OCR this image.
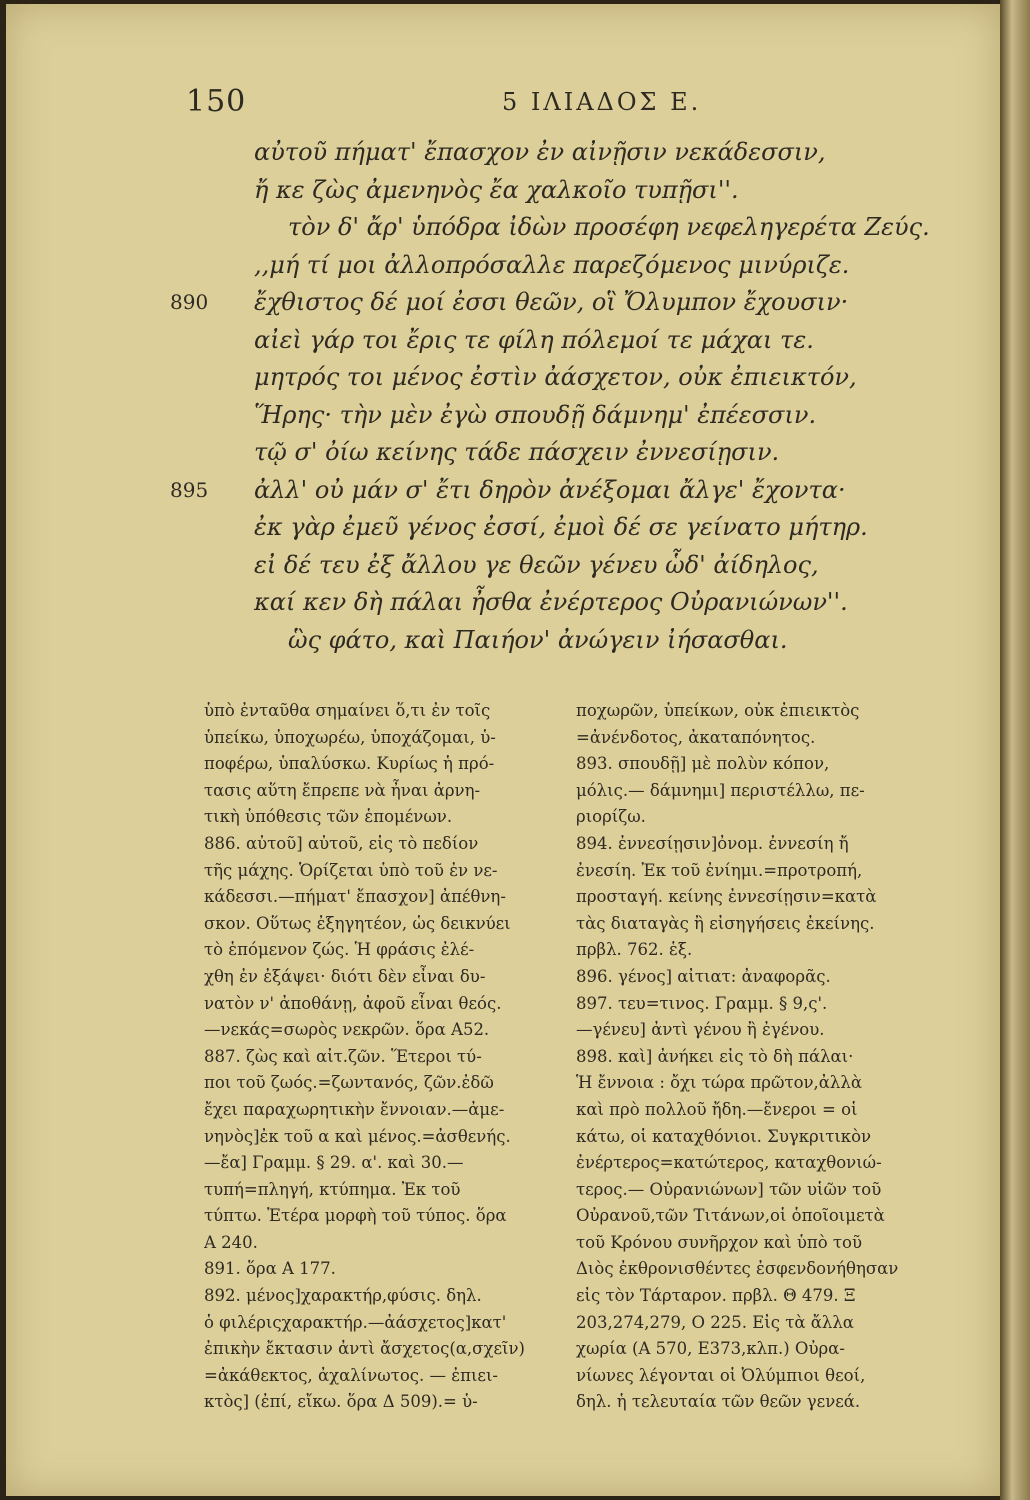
150	5 ΙΛΙΑΔΟΣ Ε.
αὐτοῦ πήματ' ἔπασχον ἐν αἰνῇσιν νεκάδεσσιν,
ἤ κε ζὼς ἀμενηνὸς ἔα χαλκοῖο τυπῇσι''.
τὸν δ' ἄρ' ὑπόδρα ἰδὼν προσέφη νεφεληγερέτα Ζεύς.
,,μή τί μοι ἀλλοπρόσαλλε παρεζόμενος μινύριζε.
890 ἔχθιστος δέ μοί ἐσσι θεῶν, οἳ Ὄλυμπον ἔχουσιν·
αἰεὶ γάρ τοι ἔρις τε φίλη πόλεμοί τε μάχαι τε.
μητρός τοι μένος ἐστὶν ἀάσχετον, οὐκ ἐπιεικτόν,
Ἥρης· τὴν μὲν ἐγὼ σπουδῇ δάμνημ' ἐπέεσσιν.
τῷ σ' ὀίω κείνης τάδε πάσχειν ἐννεσίῃσιν.
895 ἀλλ' οὐ μάν σ' ἔτι δηρὸν ἀνέξομαι ἄλγε' ἔχοντα·
ἐκ γὰρ ἐμεῦ γένος ἐσσί, ἐμοὶ δέ σε γείνατο μήτηρ.
εἰ δέ τευ ἐξ ἄλλου γε θεῶν γένευ ὧδ' ἀίδηλος,
καί κεν δὴ πάλαι ἦσθα ἐνέρτερος Οὐρανιώνων''.
ὣς φάτο, καὶ Παιήον' ἀνώγειν ἰήσασθαι.
ὑπὸ ἐνταῦθα σημαίνει ὅ,τι ἐν τοῖς
ὑπείκω, ὑποχωρέω, ὑποχάζομαι, ὑ-
ποφέρω, ὑπαλύσκω. Κυρίως ἡ πρό-
τασις αὕτη ἔπρεπε νὰ ἦναι ἀρνη-
τικὴ ὑπόθεσις τῶν ἑπομένων.
886. αὐτοῦ] αὐτοῦ, εἰς τὸ πεδίον
τῆς μάχης. Ὁρίζεται ὑπὸ τοῦ ἐν νε-
κάδεσσι.—πήματ' ἔπασχον] ἀπέθνη-
σκον. Οὕτως ἐξηγητέον, ὡς δεικνύει
τὸ ἑπόμενον ζώς. Ἡ φράσις ἐλέ-
χθη ἐν ἐξάψει· διότι δὲν εἶναι δυ-
νατὸν ν' ἀποθάνῃ, ἀφοῦ εἶναι θεός.
—νεκάς=σωρὸς νεκρῶν. ὅρα Α52.
887. ζὼς καὶ αἰτ.ζῶν. Ἕτεροι τύ-
ποι τοῦ ζωός.=ζωντανός, ζῶν.ἐδῶ
ἔχει παραχωρητικὴν ἔννοιαν.—ἀμε-
νηνὸς]ἐκ τοῦ α καὶ μένος.=ἀσθενής.
—ἔα] Γραμμ. § 29. α'. καὶ 30.—
τυπή=πληγή, κτύπημα. Ἐκ τοῦ
τύπτω. Ἑτέρα μορφὴ τοῦ τύπος. ὅρα
Α 240.
891. ὅρα Α 177.
892. μένος]χαρακτήρ,φύσις. δηλ.
ὁ φιλέριςχαρακτήρ.—ἀάσχετος]κατ'
ἐπικὴν ἔκτασιν ἀντὶ ἄσχετος(α,σχεῖν)
=ἀκάθεκτος, ἀχαλίνωτος. — ἐπιει-
κτὸς] (ἐπί, εἴκω. ὅρα Δ 509).= ὑ-
ποχωρῶν, ὑπείκων, οὐκ ἐπιεικτὸς
=ἀνένδοτος, ἀκαταπόνητος.
893. σπουδῇ] μὲ πολὺν κόπον,
μόλις.— δάμνημι] περιστέλλω, πε-
ριορίζω.
894. ἐννεσίῃσιν]ὀνομ. ἐννεσίη ἤ
ἐνεσίη. Ἐκ τοῦ ἐνίημι.=προτροπή,
προσταγή. κείνης ἐννεσίῃσιν=κατὰ
τὰς διαταγὰς ἢ εἰσηγήσεις ἐκείνης.
πρβλ. 762. ἑξ.
896. γένος] αἰτιατ: ἀναφορᾶς.
897. τευ=τινος. Γραμμ. § 9,ς'.
—γένευ] ἀντὶ γένου ἢ ἐγένου.
898. καὶ] ἀνήκει εἰς τὸ δὴ πάλαι·
Ἡ ἔννοια : ὄχι τώρα πρῶτον,ἀλλὰ
καὶ πρὸ πολλοῦ ἤδη.—ἔνεροι = οἱ
κάτω, οἱ καταχθόνιοι. Συγκριτικὸν
ἐνέρτερος=κατώτερος, καταχθονιώ-
τερος.— Οὐρανιώνων] τῶν υἱῶν τοῦ
Οὐρανοῦ,τῶν Τιτάνων,οἱ ὁποῖοιμετὰ
τοῦ Κρόνου συνῆρχον καὶ ὑπὸ τοῦ
Διὸς ἐκθρονισθέντες ἐσφενδονήθησαν
εἰς τὸν Τάρταρον. πρβλ. Θ 479. Ξ
203,274,279, Ο 225. Εἰς τὰ ἄλλα
χωρία (Α 570, Ε373,κλπ.) Οὐρα-
νίωνες λέγονται οἱ Ὀλύμπιοι θεοί,
δηλ. ἡ τελευταία τῶν θεῶν γενεά.
